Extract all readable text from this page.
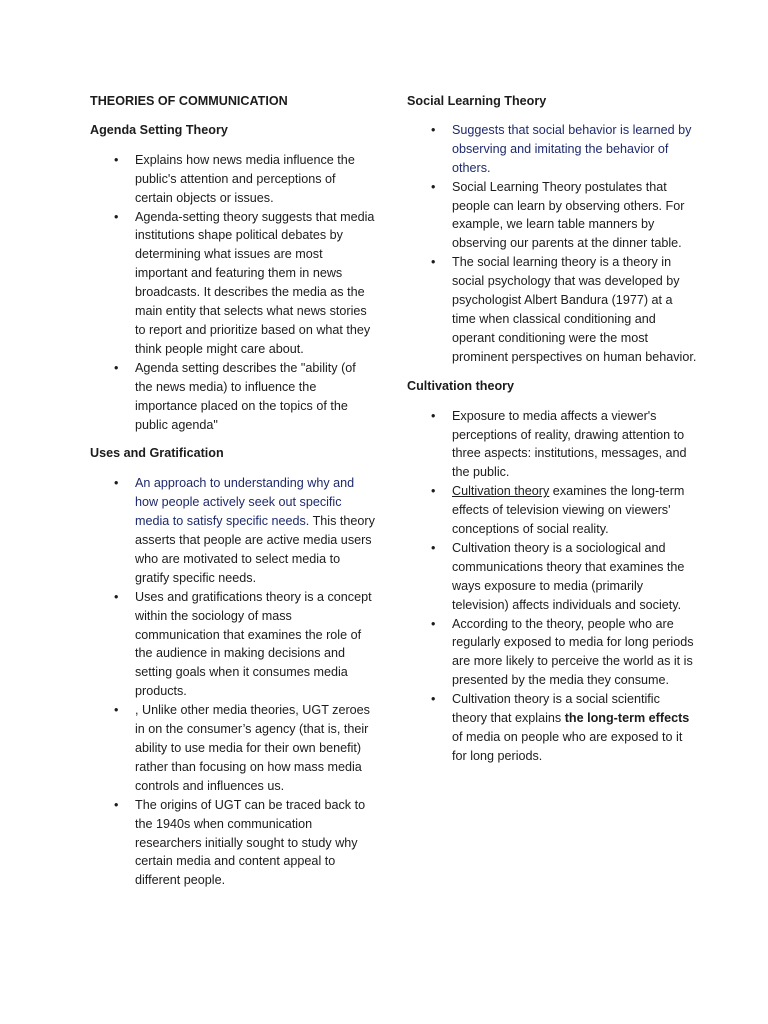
THEORIES OF COMMUNICATION

Agenda Setting Theory

• Explains how news media influence the public's attention and perceptions of certain objects or issues.
• Agenda-setting theory suggests that media institutions shape political debates by determining what issues are most important and featuring them in news broadcasts. It describes the media as the main entity that selects what news stories to report and prioritize based on what they think people might care about.
• Agenda setting describes the "ability (of the news media) to influence the importance placed on the topics of the public agenda"

Uses and Gratification

• An approach to understanding why and how people actively seek out specific media to satisfy specific needs. This theory asserts that people are active media users who are motivated to select media to gratify specific needs.
• Uses and gratifications theory is a concept within the sociology of mass communication that examines the role of the audience in making decisions and setting goals when it consumes media products.
• , Unlike other media theories, UGT zeroes in on the consumer’s agency (that is, their ability to use media for their own benefit) rather than focusing on how mass media controls and influences us.
• The origins of UGT can be traced back to the 1940s when communication researchers initially sought to study why certain media and content appeal to different people.

Social Learning Theory

• Suggests that social behavior is learned by observing and imitating the behavior of others.
• Social Learning Theory postulates that people can learn by observing others. For example, we learn table manners by observing our parents at the dinner table.
• The social learning theory is a theory in social psychology that was developed by psychologist Albert Bandura (1977) at a time when classical conditioning and operant conditioning were the most prominent perspectives on human behavior.

Cultivation theory

• Exposure to media affects a viewer's perceptions of reality, drawing attention to three aspects: institutions, messages, and the public.
• Cultivation theory examines the long-term effects of television viewing on viewers' conceptions of social reality.
• Cultivation theory is a sociological and communications theory that examines the ways exposure to media (primarily television) affects individuals and society.
• According to the theory, people who are regularly exposed to media for long periods are more likely to perceive the world as it is presented by the media they consume.
• Cultivation theory is a social scientific theory that explains the long-term effects of media on people who are exposed to it for long periods.
